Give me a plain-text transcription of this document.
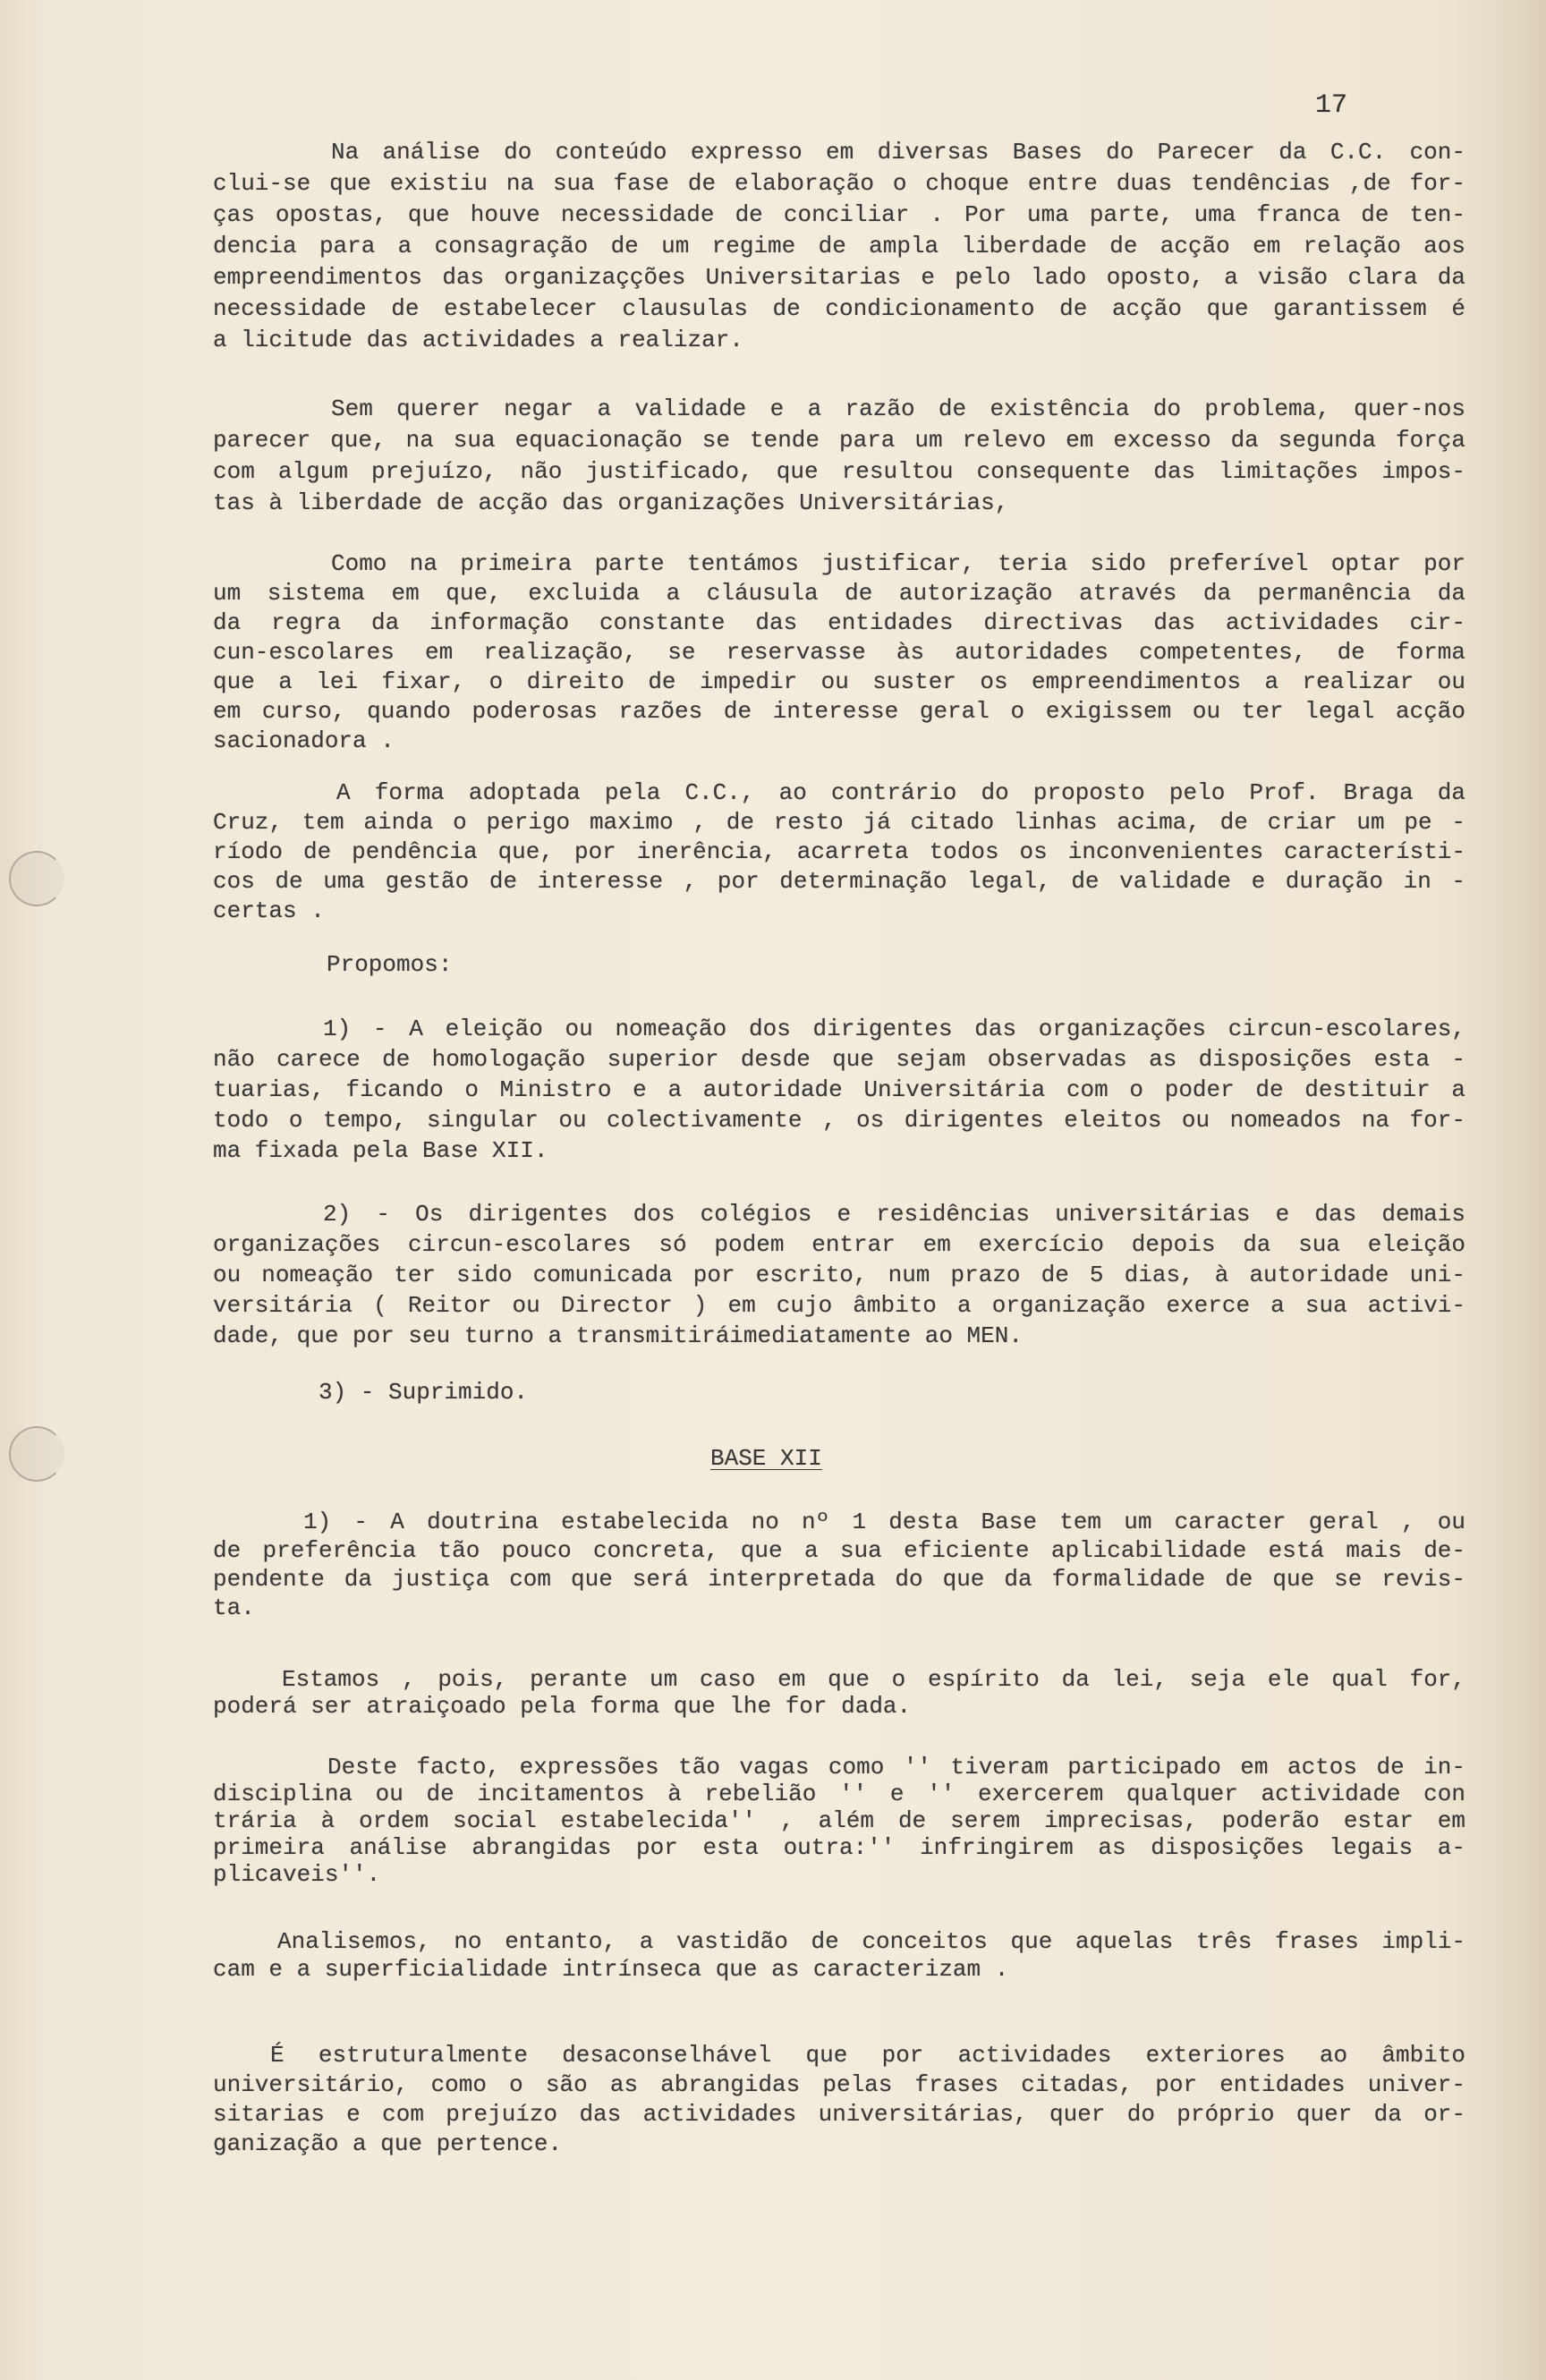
17
Na análise do conteúdo expresso em diversas Bases do Parecer da C.C. con-
clui-se que existiu na sua fase de elaboração o choque entre duas tendências ,de for-
ças opostas, que houve necessidade de conciliar . Por uma parte, uma franca de ten-
dencia para a consagração de um regime de ampla liberdade de acção em relação aos
empreendimentos das organizaçções Universitarias e pelo lado oposto, a visão clara da
necessidade de estabelecer clausulas de condicionamento de acção que garantissem é
a licitude das actividades a realizar.
Sem querer negar a validade e a razão de existência do problema, quer-nos
parecer que, na sua equacionação se tende para um relevo em excesso da segunda força
com algum prejuízo, não justificado, que resultou consequente das limitações impos-
tas à liberdade de acção das organizações Universitárias,
Como na primeira parte tentámos justificar, teria sido preferível optar por
um sistema em que, excluida a cláusula de autorização através da permanência da
da regra da informação constante das entidades directivas das actividades cir-
cun-escolares em realização, se reservasse às autoridades competentes, de forma
que a lei fixar, o direito de impedir ou suster os empreendimentos a realizar ou
em curso, quando poderosas razões de interesse geral o exigissem ou ter legal acção
sacionadora .
A forma adoptada pela C.C., ao contrário do proposto pelo Prof. Braga da
Cruz, tem ainda o perigo maximo , de resto já citado linhas acima, de criar um pe -
ríodo de pendência que, por inerência, acarreta todos os inconvenientes característi-
cos de uma gestão de interesse , por determinação legal, de validade e duração in -
certas .
Propomos:
1) - A eleição ou nomeação dos dirigentes das organizações circun-escolares,
não carece de homologação superior desde que sejam observadas as disposições esta -
tuarias, ficando o Ministro e a autoridade Universitária com o poder de destituir a
todo o tempo, singular ou colectivamente , os dirigentes eleitos ou nomeados na for-
ma fixada pela Base XII.
2) - Os dirigentes dos colégios e residências universitárias e das demais
organizações circun-escolares só podem entrar em exercício depois da sua eleição
ou nomeação ter sido comunicada por escrito, num prazo de 5 dias, à autoridade uni-
versitária ( Reitor ou Director ) em cujo âmbito a organização exerce a sua activi-
dade, que por seu turno a transmitiráimediatamente ao MEN.
3) - Suprimido.
BASE XII
1) - A doutrina estabelecida no nº 1 desta Base tem um caracter geral , ou
de preferência tão pouco concreta, que a sua eficiente aplicabilidade está mais de-
pendente da justiça com que será interpretada do que da formalidade de que se revis-
ta.
Estamos , pois, perante um caso em que o espírito da lei, seja ele qual for,
poderá ser atraiçoado pela forma que lhe for dada.
Deste facto, expressões tão vagas como '' tiveram participado em actos de in-
disciplina ou de incitamentos à rebelião '' e '' exercerem qualquer actividade con
trária à ordem social estabelecida'' , além de serem imprecisas, poderão estar em
primeira análise abrangidas por esta outra:'' infringirem as disposições legais a-
plicaveis''.
Analisemos, no entanto, a vastidão de conceitos que aquelas três frases impli-
cam e a superficialidade intrínseca que as caracterizam .
É estruturalmente desaconselhável que por actividades exteriores ao âmbito
universitário, como o são as abrangidas pelas frases citadas, por entidades univer-
sitarias e com prejuízo das actividades universitárias, quer do próprio quer da or-
ganização a que pertence.
